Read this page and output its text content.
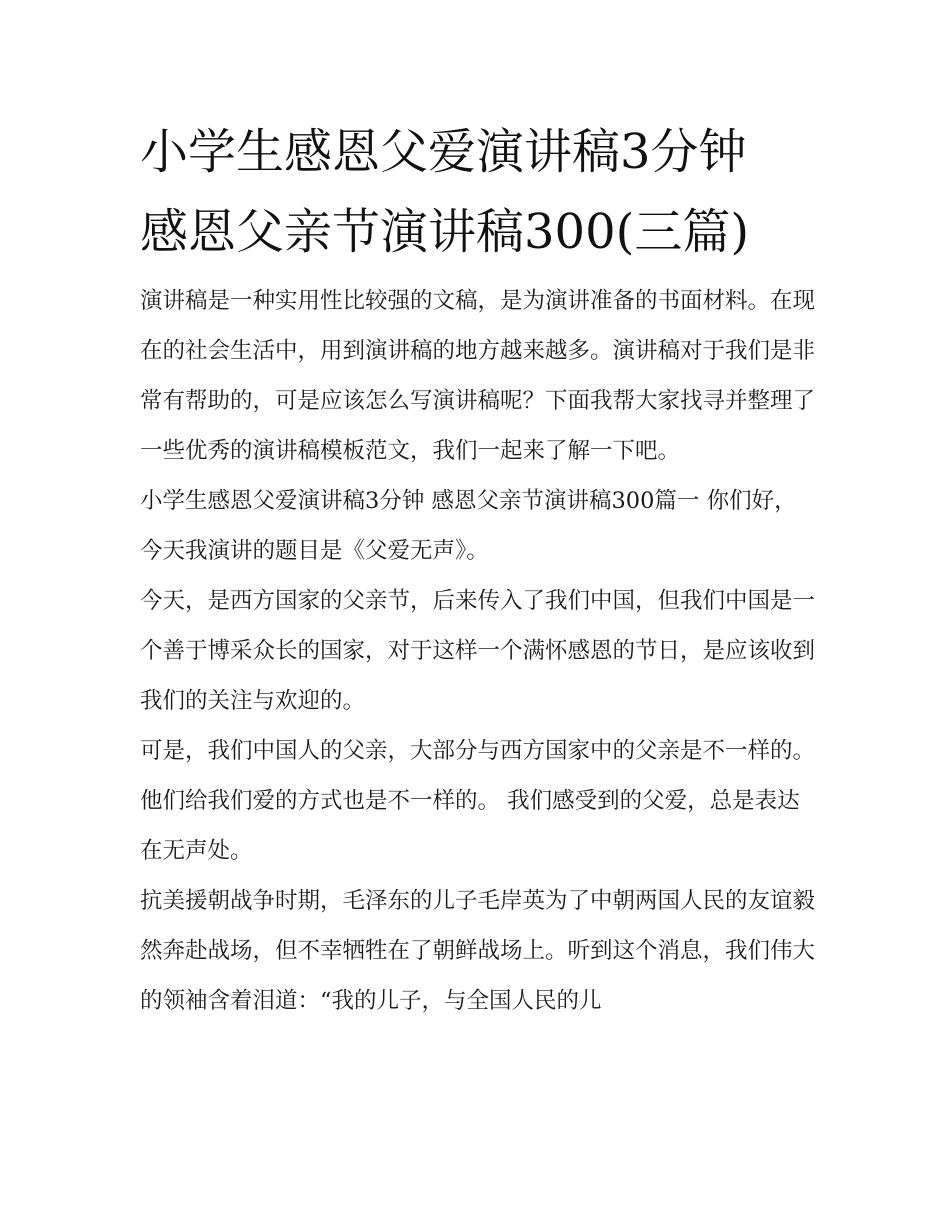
小学生感恩父爱演讲稿3分钟
感恩父亲节演讲稿300(三篇)

演讲稿是一种实用性比较强的文稿，是为演讲准备的书面材料。在现在的社会生活中，用到演讲稿的地方越来越多。演讲稿对于我们是非常有帮助的，可是应该怎么写演讲稿呢？下面我帮大家找寻并整理了一些优秀的演讲稿模板范文，我们一起来了解一下吧。

小学生感恩父爱演讲稿3分钟 感恩父亲节演讲稿300篇一 你们好，今天我演讲的题目是《父爱无声》。

今天，是西方国家的父亲节，后来传入了我们中国，但我们中国是一个善于博采众长的国家，对于这样一个满怀感恩的节日，是应该收到我们的关注与欢迎的。

可是，我们中国人的父亲，大部分与西方国家中的父亲是不一样的。他们给我们爱的方式也是不一样的。 我们感受到的父爱，总是表达在无声处。

抗美援朝战争时期，毛泽东的儿子毛岸英为了中朝两国人民的友谊毅然奔赴战场，但不幸牺牲在了朝鲜战场上。听到这个消息，我们伟大的领袖含着泪道：“我的儿子，与全国人民的儿
